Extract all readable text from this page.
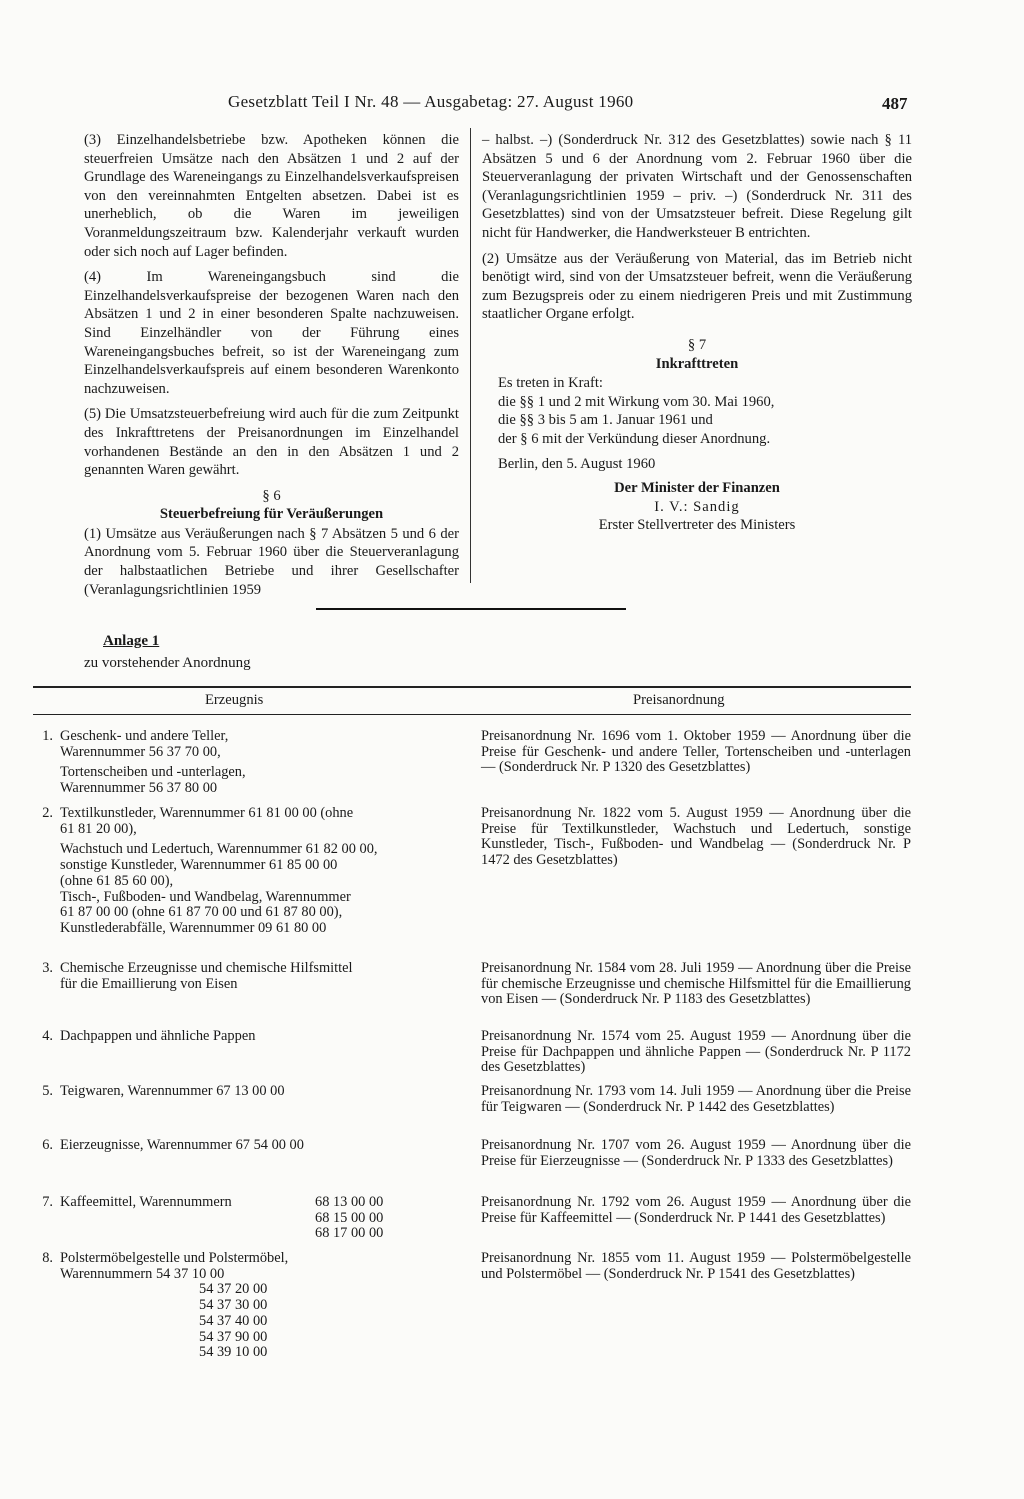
Gesetzblatt Teil I Nr. 48 — Ausgabetag: 27. August 1960	487

(3) Einzelhandelsbetriebe bzw. Apotheken können die steuerfreien Umsätze nach den Absätzen 1 und 2 auf der Grundlage des Wareneingangs zu Einzelhandelsverkaufspreisen von den vereinnahmten Entgelten absetzen. Dabei ist es unerheblich, ob die Waren im jeweiligen Voranmeldungszeitraum bzw. Kalenderjahr verkauft wurden oder sich noch auf Lager befinden.

(4) Im Wareneingangsbuch sind die Einzelhandelsverkaufspreise der bezogenen Waren nach den Absätzen 1 und 2 in einer besonderen Spalte nachzuweisen. Sind Einzelhändler von der Führung eines Wareneingangsbuches befreit, so ist der Wareneingang zum Einzelhandelsverkaufspreis auf einem besonderen Warenkonto nachzuweisen.

(5) Die Umsatzsteuerbefreiung wird auch für die zum Zeitpunkt des Inkrafttretens der Preisanordnungen im Einzelhandel vorhandenen Bestände an den in den Absätzen 1 und 2 genannten Waren gewährt.

§ 6
Steuerbefreiung für Veräußerungen

(1) Umsätze aus Veräußerungen nach § 7 Absätzen 5 und 6 der Anordnung vom 5. Februar 1960 über die Steuerveranlagung der halbstaatlichen Betriebe und ihrer Gesellschafter (Veranlagungsrichtlinien 1959

– halbst. –) (Sonderdruck Nr. 312 des Gesetzblattes) sowie nach § 11 Absätzen 5 und 6 der Anordnung vom 2. Februar 1960 über die Steuerveranlagung der privaten Wirtschaft und der Genossenschaften (Veranlagungsrichtlinien 1959 – priv. –) (Sonderdruck Nr. 311 des Gesetzblattes) sind von der Umsatzsteuer befreit. Diese Regelung gilt nicht für Handwerker, die Handwerksteuer B entrichten.

(2) Umsätze aus der Veräußerung von Material, das im Betrieb nicht benötigt wird, sind von der Umsatzsteuer befreit, wenn die Veräußerung zum Bezugspreis oder zu einem niedrigeren Preis und mit Zustimmung staatlicher Organe erfolgt.

§ 7
Inkrafttreten
Es treten in Kraft:
die §§ 1 und 2 mit Wirkung vom 30. Mai 1960,
die §§ 3 bis 5 am 1. Januar 1961 und
der § 6 mit der Verkündung dieser Anordnung.
Berlin, den 5. August 1960
Der Minister der Finanzen
I. V.: Sandig
Erster Stellvertreter des Ministers
Anlage 1
zu vorstehender Anordnung
Erzeugnis	Preisanordnung
1. Geschenk- und andere Teller,
Warennummer 56 37 70 00,
Tortenscheiben und -unterlagen,
Warennummer 56 37 80 00
Preisanordnung Nr. 1696 vom 1. Oktober 1959 — Anordnung über die Preise für Geschenk- und andere Teller, Tortenscheiben und -unterlagen — (Sonderdruck Nr. P 1320 des Gesetzblattes)
2. Textilkunstleder, Warennummer 61 81 00 00 (ohne
61 81 20 00),
Wachstuch und Ledertuch, Warennummer 61 82 00 00,
sonstige Kunstleder, Warennummer 61 85 00 00
(ohne 61 85 60 00),
Tisch-, Fußboden- und Wandbelag, Warennummer
61 87 00 00 (ohne 61 87 70 00 und 61 87 80 00),
Kunstlederabfälle, Warennummer 09 61 80 00
Preisanordnung Nr. 1822 vom 5. August 1959 — Anordnung über die Preise für Textilkunstleder, Wachstuch und Ledertuch, sonstige Kunstleder, Tisch-, Fußboden- und Wandbelag — (Sonderdruck Nr. P 1472 des Gesetzblattes)
3. Chemische Erzeugnisse und chemische Hilfsmittel
für die Emaillierung von Eisen
Preisanordnung Nr. 1584 vom 28. Juli 1959 — Anordnung über die Preise für chemische Erzeugnisse und chemische Hilfsmittel für die Emaillierung von Eisen — (Sonderdruck Nr. P 1183 des Gesetzblattes)
4. Dachpappen und ähnliche Pappen	Preisanordnung Nr. 1574 vom 25. August 1959 — Anordnung über die Preise für Dachpappen und ähnliche Pappen — (Sonderdruck Nr. P 1172 des Gesetzblattes)
5. Teigwaren, Warennummer 67 13 00 00	Preisanordnung Nr. 1793 vom 14. Juli 1959 — Anordnung über die Preise für Teigwaren — (Sonderdruck Nr. P 1442 des Gesetzblattes)
6. Eierzeugnisse, Warennummer 67 54 00 00	Preisanordnung Nr. 1707 vom 26. August 1959 — Anordnung über die Preise für Eierzeugnisse — (Sonderdruck Nr. P 1333 des Gesetzblattes)
7. Kaffeemittel, Warennummern	68 13 00 00
68 15 00 00
68 17 00 00
Preisanordnung Nr. 1792 vom 26. August 1959 — Anordnung über die Preise für Kaffeemittel — (Sonderdruck Nr. P 1441 des Gesetzblattes)
8. Polstermöbelgestelle und Polstermöbel,
Warennummern 54 37 10 00
54 37 20 00
54 37 30 00
54 37 40 00
54 37 90 00
54 39 10 00
Preisanordnung Nr. 1855 vom 11. August 1959 — Polstermöbelgestelle und Polstermöbel — (Sonderdruck Nr. P 1541 des Gesetzblattes)
